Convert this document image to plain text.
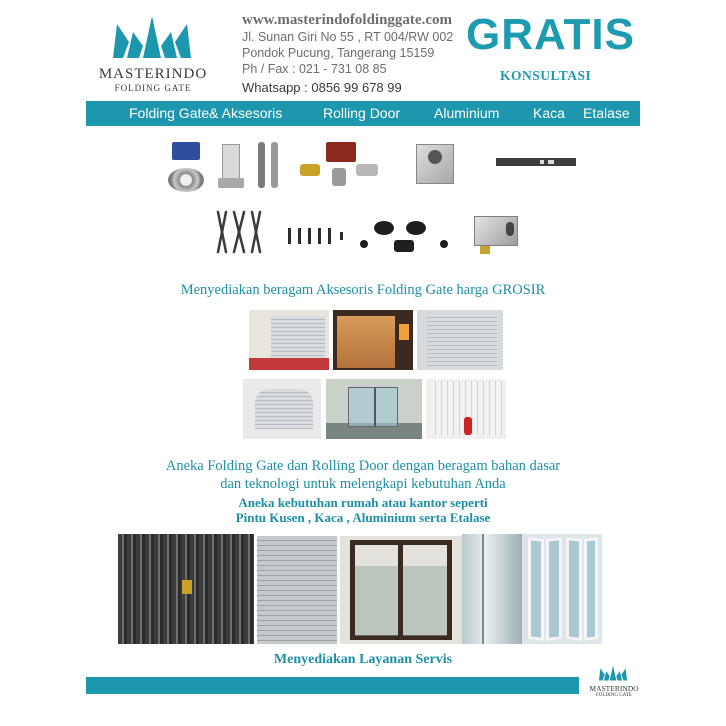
MASTERINDO
FOLDING GATE
www.masterindofoldinggate.com
Jl. Sunan Giri No 55 , RT 004/RW 002
Pondok Pucung, Tangerang 15159
Ph / Fax : 021 - 731 08 85
Whatsapp : 0856 99 678 99
GRATIS
KONSULTASI
Folding Gate& Aksesoris	Rolling Door Aluminium Kaca Etalase
Menyediakan beragam Aksesoris Folding Gate harga GROSIR
Aneka Folding Gate dan Rolling Door dengan beragam bahan dasar
dan teknologi untuk melengkapi kebutuhan Anda
Aneka kebutuhan rumah atau kantor seperti
Pintu Kusen , Kaca , Aluminium serta Etalase
Menyediakan Layanan Servis
MASTERINDO
FOLDING GATE
